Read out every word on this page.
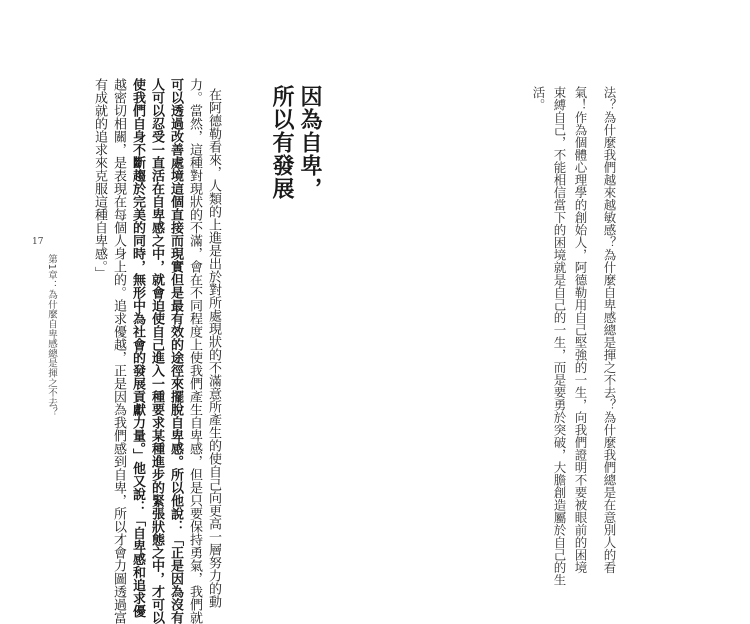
17
第1章：為什麼自卑感總是揮之不去？	在阿德勒看來，人類的上進是出於對所處現狀的不滿意所產生的使自己向更高一層努力的動
力。當然，這種對現狀的不滿，會在不同程度上使我們產生自卑感，但是只要保持勇氣，我們就
可以透過改善處境這個直接而現實但是最有效的途徑來擺脫自卑感。所以他說：「正是因為沒有
人可以忍受一直活在自卑感之中，就會迫使自己進入一種要求某種進步的緊張狀態之中，才可以
使我們自身不斷趨於完美的同時，無形中為社會的發展貢獻力量。」他又說：「自卑感和追求優
越密切相關，是表現在每個人身上的。追求優越，正是因為我們感到自卑，所以才會力圖透過富
有成就的追求來克服這種自卑感。」	因為自卑，
所以有發展	法？為什麼我們越來越敏感？為什麼自卑感總是揮之不去？為什麼我們總是在意別人的看
氣！作為個體心理學的創始人，阿德勒用自己堅強的一生，向我們證明不要被眼前的困境
束縛自己，不能相信當下的困境就是自己的一生，而是要勇於突破，大膽創造屬於自己的生
活。
